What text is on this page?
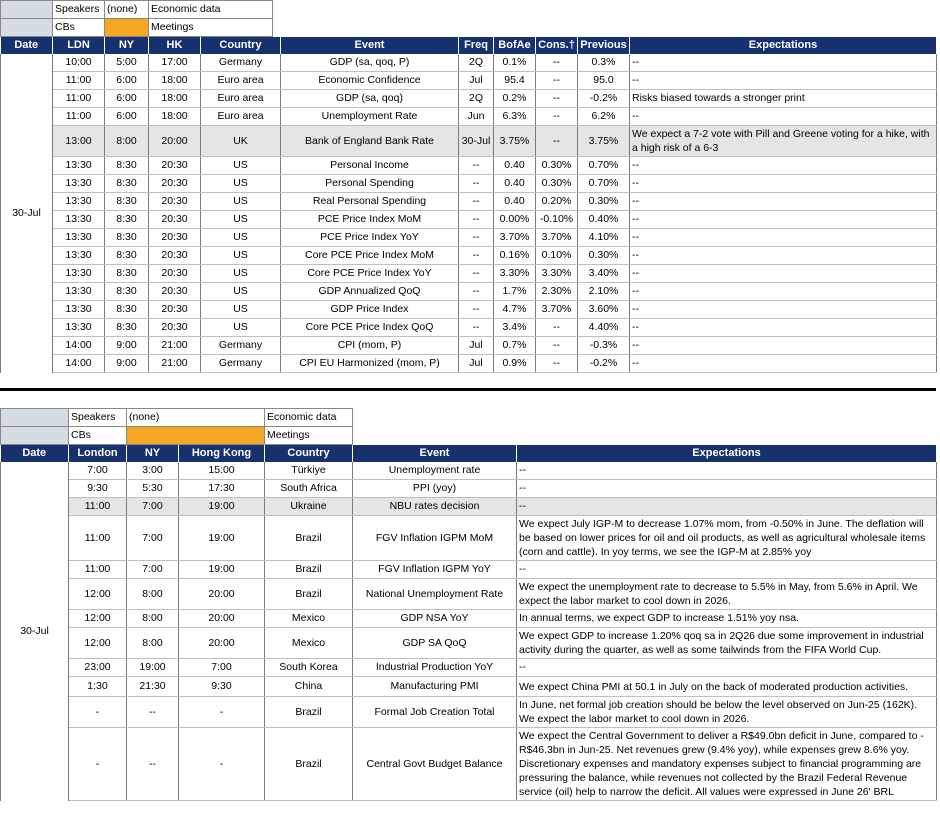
	Speakers	(none)	Economic data
	CBs		Meetings
Date	LDN	NY	HK	Country	Event	Freq	BofAe	Cons.†	Previous	Expectations
30-Jul	10:00	5:00	17:00	Germany	GDP (sa, qoq, P)	2Q	0.1%	--	0.3%	--
	11:00	6:00	18:00	Euro area	Economic Confidence	Jul	95.4	--	95.0	--
	11:00	6:00	18:00	Euro area	GDP (sa, qoq)	2Q	0.2%	--	-0.2%	Risks biased towards a stronger print
	11:00	6:00	18:00	Euro area	Unemployment Rate	Jun	6.3%	--	6.2%	--
	13:00	8:00	20:00	UK	Bank of England Bank Rate	30-Jul	3.75%	--	3.75%	We expect a 7-2 vote with Pill and Greene voting for a hike, with a high risk of a 6-3
	13:30	8:30	20:30	US	Personal Income	--	0.40	0.30%	0.70%	--
	13:30	8:30	20:30	US	Personal Spending	--	0.40	0.30%	0.70%	--
	13:30	8:30	20:30	US	Real Personal Spending	--	0.40	0.20%	0.30%	--
	13:30	8:30	20:30	US	PCE Price Index MoM	--	0.00%	-0.10%	0.40%	--
	13:30	8:30	20:30	US	PCE Price Index YoY	--	3.70%	3.70%	4.10%	--
	13:30	8:30	20:30	US	Core PCE Price Index MoM	--	0.16%	0.10%	0.30%	--
	13:30	8:30	20:30	US	Core PCE Price Index YoY	--	3.30%	3.30%	3.40%	--
	13:30	8:30	20:30	US	GDP Annualized QoQ	--	1.7%	2.30%	2.10%	--
	13:30	8:30	20:30	US	GDP Price Index	--	4.7%	3.70%	3.60%	--
	13:30	8:30	20:30	US	Core PCE Price Index QoQ	--	3.4%	--	4.40%	--
	14:00	9:00	21:00	Germany	CPI (mom, P)	Jul	0.7%	--	-0.3%	--
	14:00	9:00	21:00	Germany	CPI EU Harmonized (mom, P)	Jul	0.9%	--	-0.2%	--
	Speakers	(none)	Economic data
	CBs		Meetings
Date	London	NY	Hong Kong	Country	Event	Expectations
30-Jul	7:00	3:00	15:00	Türkiye	Unemployment rate	--
	9:30	5:30	17:30	South Africa	PPI (yoy)	--
	11:00	7:00	19:00	Ukraine	NBU rates decision	--
	11:00	7:00	19:00	Brazil	FGV Inflation IGPM MoM	We expect July IGP-M to decrease 1.07% mom, from -0.50% in June. The deflation will be based on lower prices for oil and oil products, as well as agricultural wholesale items (corn and cattle). In yoy terms, we see the IGP-M at 2.85% yoy
	11:00	7:00	19:00	Brazil	FGV Inflation IGPM YoY	--
	12:00	8:00	20:00	Brazil	National Unemployment Rate	We expect the unemployment rate to decrease to 5.5% in May, from 5.6% in April. We expect the labor market to cool down in 2026.
	12:00	8:00	20:00	Mexico	GDP NSA YoY	In annual terms, we expect GDP to increase 1.51% yoy nsa.
	12:00	8:00	20:00	Mexico	GDP SA QoQ	We expect GDP to increase 1.20% qoq sa in 2Q26 due some improvement in industrial activity during the quarter, as well as some tailwinds from the FIFA World Cup.
	23:00	19:00	7:00	South Korea	Industrial Production YoY	--
	1:30	21:30	9:30	China	Manufacturing PMI	We expect China PMI at 50.1 in July on the back of moderated production activities.
	-	--	-	Brazil	Formal Job Creation Total	In June, net formal job creation should be below the level observed on Jun-25 (162K). We expect the labor market to cool down in 2026.
	-	--	-	Brazil	Central Govt Budget Balance	We expect the Central Government to deliver a R$49.0bn deficit in June, compared to -R$46.3bn in Jun-25. Net revenues grew (9.4% yoy), while expenses grew 8.6% yoy. Discretionary expenses and mandatory expenses subject to financial programming are pressuring the balance, while revenues not collected by the Brazil Federal Revenue service (oil) help to narrow the deficit. All values were expressed in June 26' BRL
